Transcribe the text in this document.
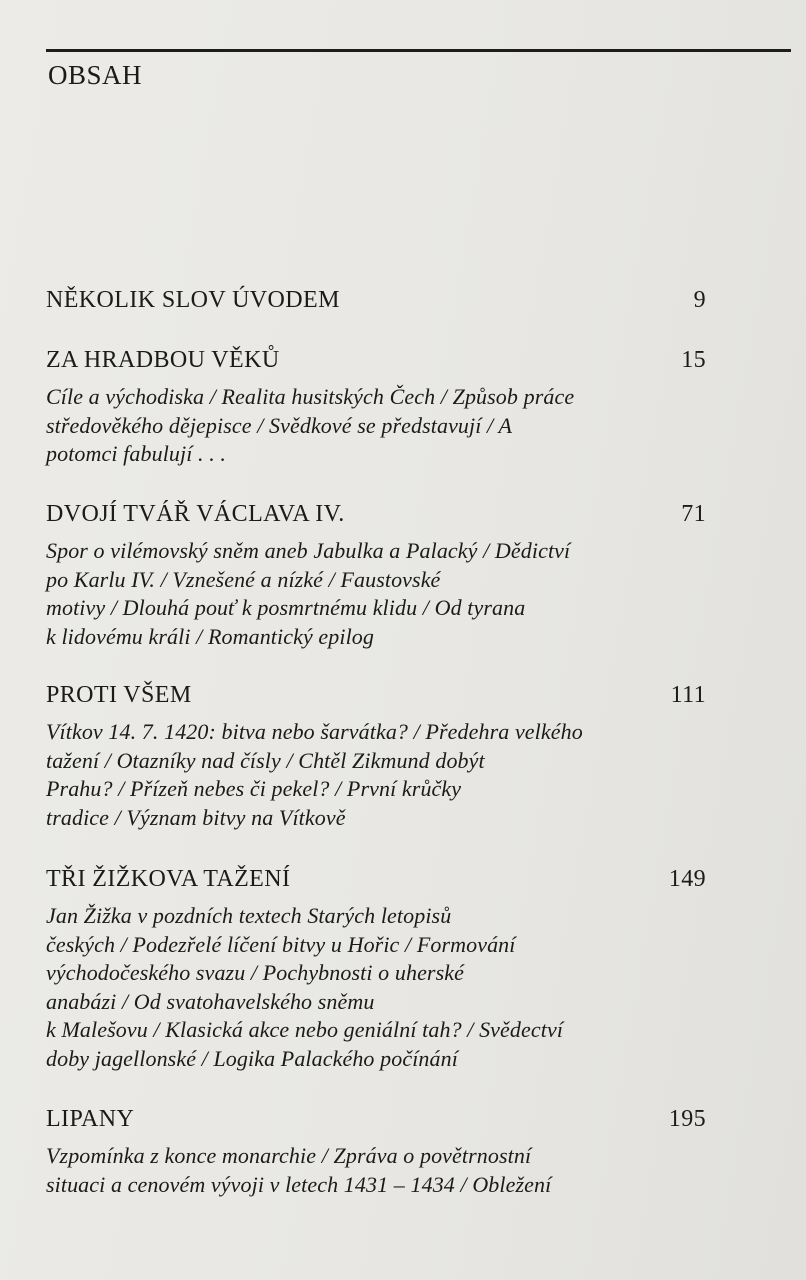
OBSAH
NĚKOLIK SLOV ÚVODEM	9
ZA HRADBOU VĚKŮ	15
Cíle a východiska / Realita husitských Čech / Způsob práce
středověkého dějepisce / Svědkové se představují / A
potomci fabulují . . .
DVOJÍ TVÁŘ VÁCLAVA IV.	71
Spor o vilémovský sněm aneb Jabulka a Palacký / Dědictví
po Karlu IV. / Vznešené a nízké / Faustovské
motivy / Dlouhá pouť k posmrtnému klidu / Od tyrana
k lidovému králi / Romantický epilog
PROTI VŠEM	111
Vítkov 14. 7. 1420: bitva nebo šarvátka? / Předehra velkého
tažení / Otazníky nad čísly / Chtěl Zikmund dobýt
Prahu? / Přízeň nebes či pekel? / První krůčky
tradice / Význam bitvy na Vítkově
TŘI ŽIŽKOVA TAŽENÍ	149
Jan Žižka v pozdních textech Starých letopisů
českých / Podezřelé líčení bitvy u Hořic / Formování
východočeského svazu / Pochybnosti o uherské
anabázi / Od svatohavelského sněmu
k Malešovu / Klasická akce nebo geniální tah? / Svědectví
doby jagellonské / Logika Palackého počínání
LIPANY	195
Vzpomínka z konce monarchie / Zpráva o povětrnostní
situaci a cenovém vývoji v letech 1431 – 1434 / Obležení
